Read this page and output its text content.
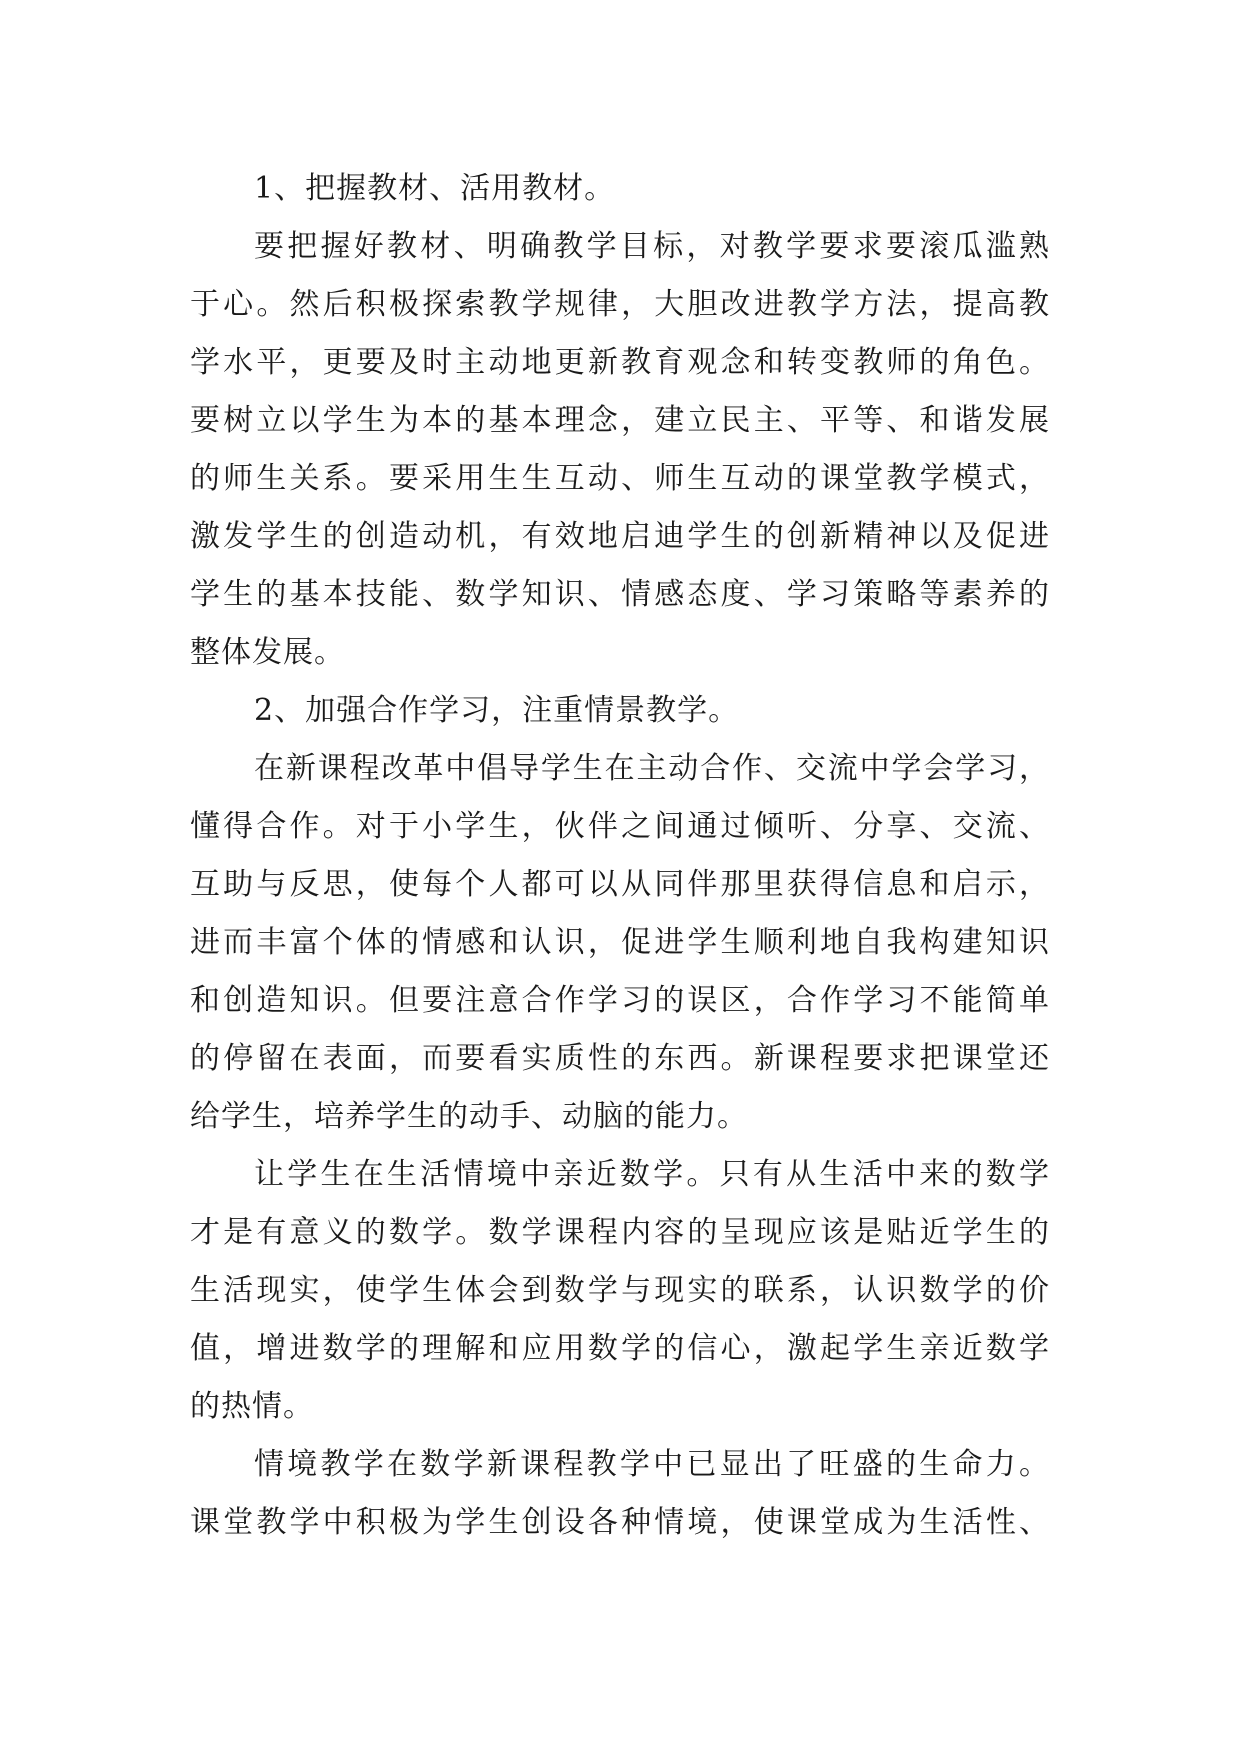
1、把握教材、活用教材。
要把握好教材、明确教学目标，对教学要求要滚瓜滥熟
于心。然后积极探索教学规律，大胆改进教学方法，提高教
学水平，更要及时主动地更新教育观念和转变教师的角色。
要树立以学生为本的基本理念，建立民主、平等、和谐发展
的师生关系。要采用生生互动、师生互动的课堂教学模式，
激发学生的创造动机，有效地启迪学生的创新精神以及促进
学生的基本技能、数学知识、情感态度、学习策略等素养的
整体发展。
2、加强合作学习，注重情景教学。
在新课程改革中倡导学生在主动合作、交流中学会学习，
懂得合作。对于小学生，伙伴之间通过倾听、分享、交流、
互助与反思，使每个人都可以从同伴那里获得信息和启示，
进而丰富个体的情感和认识，促进学生顺利地自我构建知识
和创造知识。但要注意合作学习的误区，合作学习不能简单
的停留在表面，而要看实质性的东西。新课程要求把课堂还
给学生，培养学生的动手、动脑的能力。
让学生在生活情境中亲近数学。只有从生活中来的数学
才是有意义的数学。数学课程内容的呈现应该是贴近学生的
生活现实，使学生体会到数学与现实的联系，认识数学的价
值，增进数学的理解和应用数学的信心，激起学生亲近数学
的热情。
情境教学在数学新课程教学中已显出了旺盛的生命力。
课堂教学中积极为学生创设各种情境，使课堂成为生活性、
